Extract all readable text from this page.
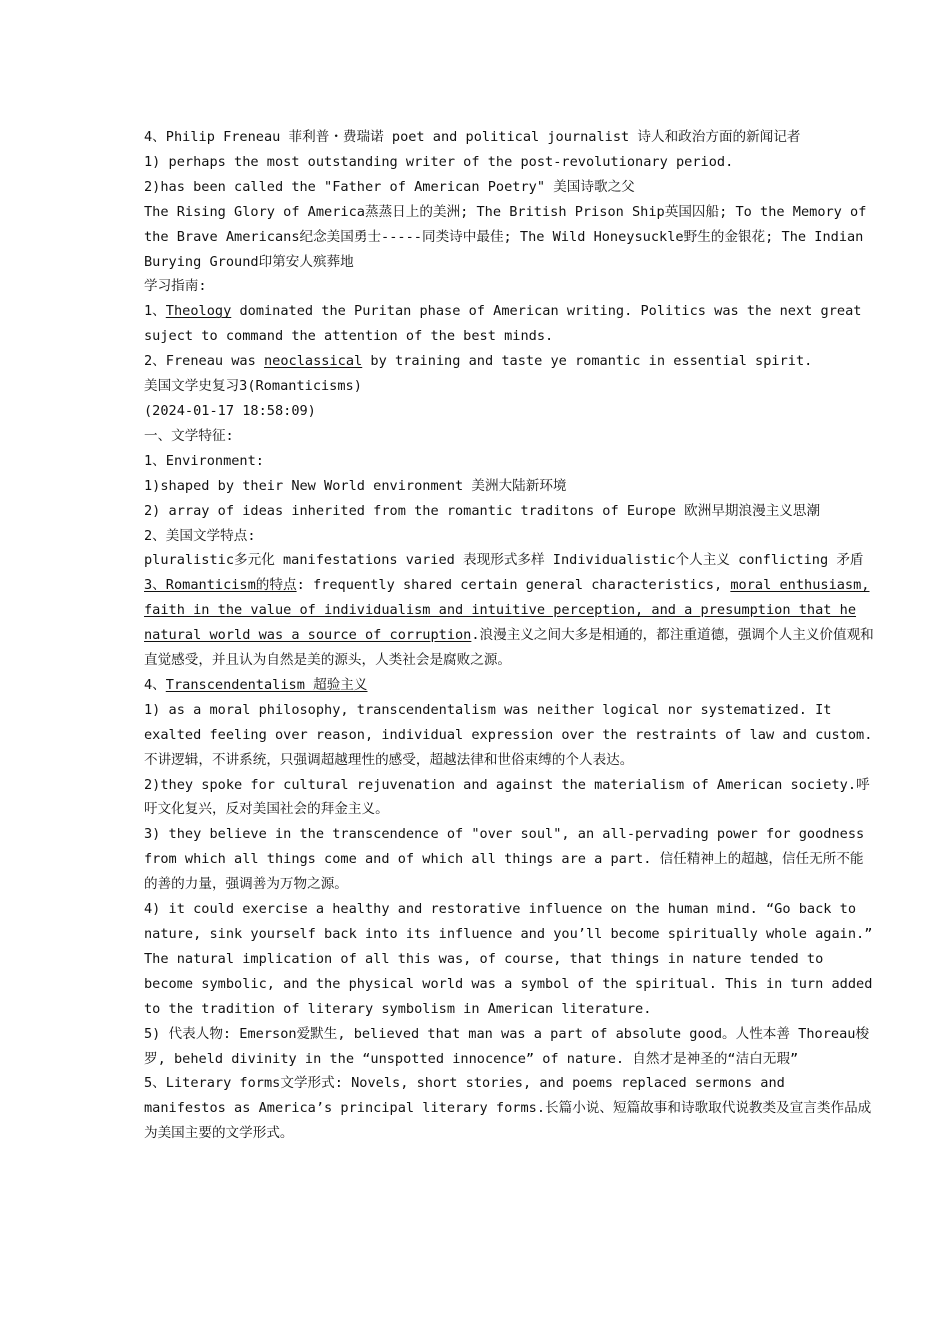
4、Philip Freneau 菲利普・费瑞诺 poet and political journalist 诗人和政治方面的新闻记者

1) perhaps the most outstanding writer of the post-revolutionary period.

2)has been called the "Father of American Poetry" 美国诗歌之父

The Rising Glory of America蒸蒸日上的美洲; The British Prison Ship英国囚船; To the Memory of the Brave Americans纪念美国勇士-----同类诗中最佳; The Wild Honeysuckle野生的金银花; The Indian Burying Ground印第安人殡葬地

学习指南:

1、Theology dominated the Puritan phase of American writing. Politics was the next great suject to command the attention of the best minds.

2、Freneau was neoclassical by training and taste ye romantic in essential spirit.

美国文学史复习3(Romanticisms)

(2024-01-17 18:58:09)

一、文学特征:

1、Environment:

1)shaped by their New World environment 美洲大陆新环境

2) array of ideas inherited from the romantic traditons of Europe 欧洲早期浪漫主义思潮

2、美国文学特点:

pluralistic多元化 manifestations varied 表现形式多样 Individualistic个人主义 conflicting 矛盾

3、Romanticism的特点: frequently shared certain general characteristics, moral enthusiasm, faith in the value of individualism and intuitive perception, and a presumption that he natural world was a source of corruption.浪漫主义之间大多是相通的，都注重道德，强调个人主义价值观和直觉感受，并且认为自然是美的源头，人类社会是腐败之源。

4、Transcendentalism 超验主义

1) as a moral philosophy, transcendentalism was neither logical nor systematized. It exalted feeling over reason, individual expression over the restraints of law and custom.不讲逻辑，不讲系统，只强调超越理性的感受，超越法律和世俗束缚的个人表达。

2)they spoke for cultural rejuvenation and against the materialism of American society.呼吁文化复兴，反对美国社会的拜金主义。

3) they believe in the transcendence of "over soul", an all-pervading power for goodness from which all things come and of which all things are a part. 信任精神上的超越，信任无所不能的善的力量，强调善为万物之源。

4) it could exercise a healthy and restorative influence on the human mind. “Go back to nature, sink yourself back into its influence and you’ll become spiritually whole again.” The natural implication of all this was, of course, that things in nature tended to become symbolic, and the physical world was a symbol of the spiritual. This in turn added to the tradition of literary symbolism in American literature.

5) 代表人物: Emerson爱默生, believed that man was a part of absolute good。人性本善 Thoreau梭罗, beheld divinity in the “unspotted innocence” of nature. 自然才是神圣的“洁白无瑕”

5、Literary forms文学形式: Novels, short stories, and poems replaced sermons and manifestos as America’s principal literary forms.长篇小说、短篇故事和诗歌取代说教类及宣言类作品成为美国主要的文学形式。
